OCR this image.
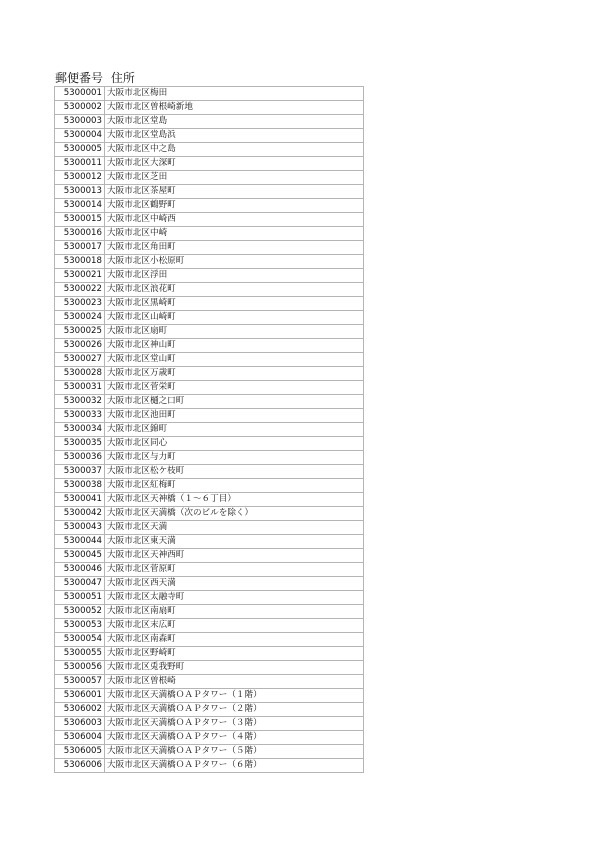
郵便番号 住所
5300001	大阪市北区梅田
5300002	大阪市北区曽根崎新地
5300003	大阪市北区堂島
5300004	大阪市北区堂島浜
5300005	大阪市北区中之島
5300011	大阪市北区大深町
5300012	大阪市北区芝田
5300013	大阪市北区茶屋町
5300014	大阪市北区鶴野町
5300015	大阪市北区中崎西
5300016	大阪市北区中崎
5300017	大阪市北区角田町
5300018	大阪市北区小松原町
5300021	大阪市北区浮田
5300022	大阪市北区浪花町
5300023	大阪市北区黒崎町
5300024	大阪市北区山崎町
5300025	大阪市北区扇町
5300026	大阪市北区神山町
5300027	大阪市北区堂山町
5300028	大阪市北区万歳町
5300031	大阪市北区菅栄町
5300032	大阪市北区樋之口町
5300033	大阪市北区池田町
5300034	大阪市北区錦町
5300035	大阪市北区同心
5300036	大阪市北区与力町
5300037	大阪市北区松ケ枝町
5300038	大阪市北区紅梅町
5300041	大阪市北区天神橋（１～６丁目）
5300042	大阪市北区天満橋（次のビルを除く）
5300043	大阪市北区天満
5300044	大阪市北区東天満
5300045	大阪市北区天神西町
5300046	大阪市北区菅原町
5300047	大阪市北区西天満
5300051	大阪市北区太融寺町
5300052	大阪市北区南扇町
5300053	大阪市北区末広町
5300054	大阪市北区南森町
5300055	大阪市北区野崎町
5300056	大阪市北区兎我野町
5300057	大阪市北区曽根崎
5306001	大阪市北区天満橋ＯＡＰタワー（１階）
5306002	大阪市北区天満橋ＯＡＰタワー（２階）
5306003	大阪市北区天満橋ＯＡＰタワー（３階）
5306004	大阪市北区天満橋ＯＡＰタワー（４階）
5306005	大阪市北区天満橋ＯＡＰタワー（５階）
5306006	大阪市北区天満橋ＯＡＰタワー（６階）
